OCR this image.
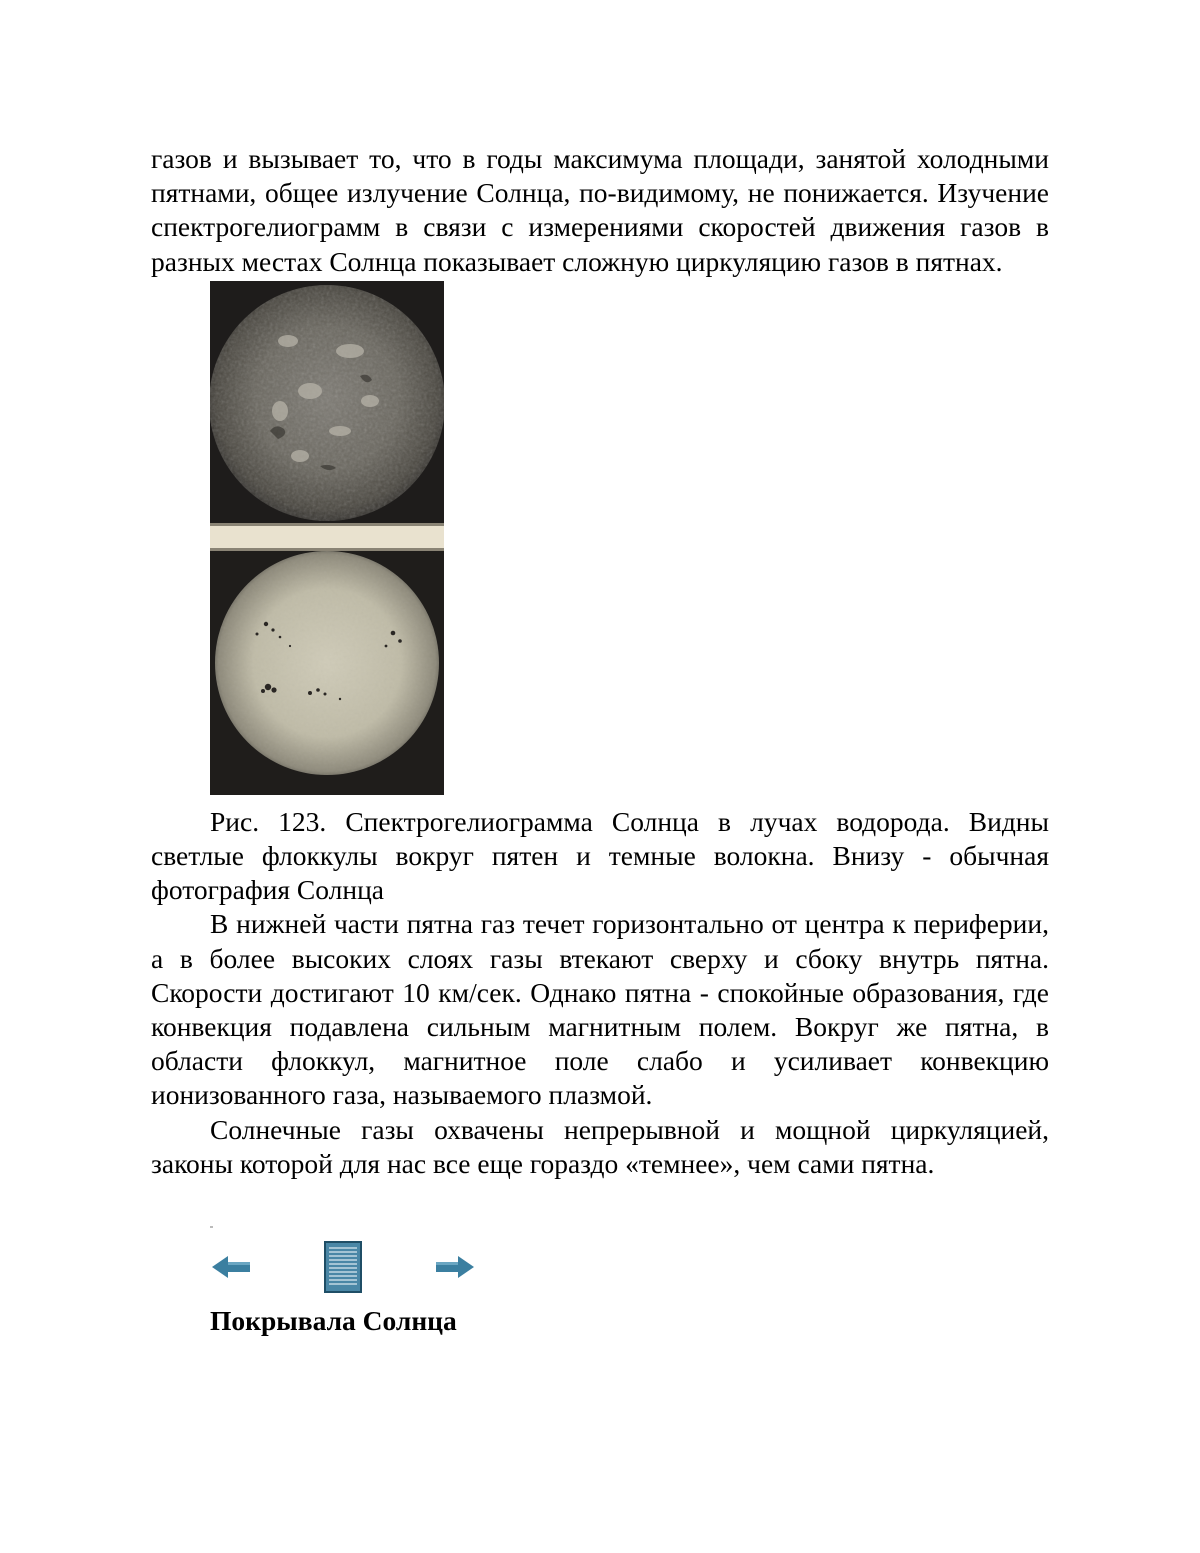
газов и вызывает то, что в годы максимума площади, занятой холодными пятнами, общее излучение Солнца, по-видимому, не понижается. Изучение спектрогелиограмм в связи с измерениями скоростей движения газов в разных местах Солнца показывает сложную циркуляцию газов в пятнах.

Рис. 123. Спектрогелиограмма Солнца в лучах водорода. Видны светлые флоккулы вокруг пятен и темные волокна. Внизу - обычная фотография Солнца

В нижней части пятна газ течет горизонтально от центра к периферии, а в более высоких слоях газы втекают сверху и сбоку внутрь пятна. Скорости достигают 10 км/сек. Однако пятна - спокойные образования, где конвекция подавлена сильным магнитным полем. Вокруг же пятна, в области флоккул, магнитное поле слабо и усиливает конвекцию ионизованного газа, называемого плазмой.

Солнечные газы охвачены непрерывной и мощной циркуляцией, законы которой для нас все еще гораздо «темнее», чем сами пятна.

Покрывала Солнца
